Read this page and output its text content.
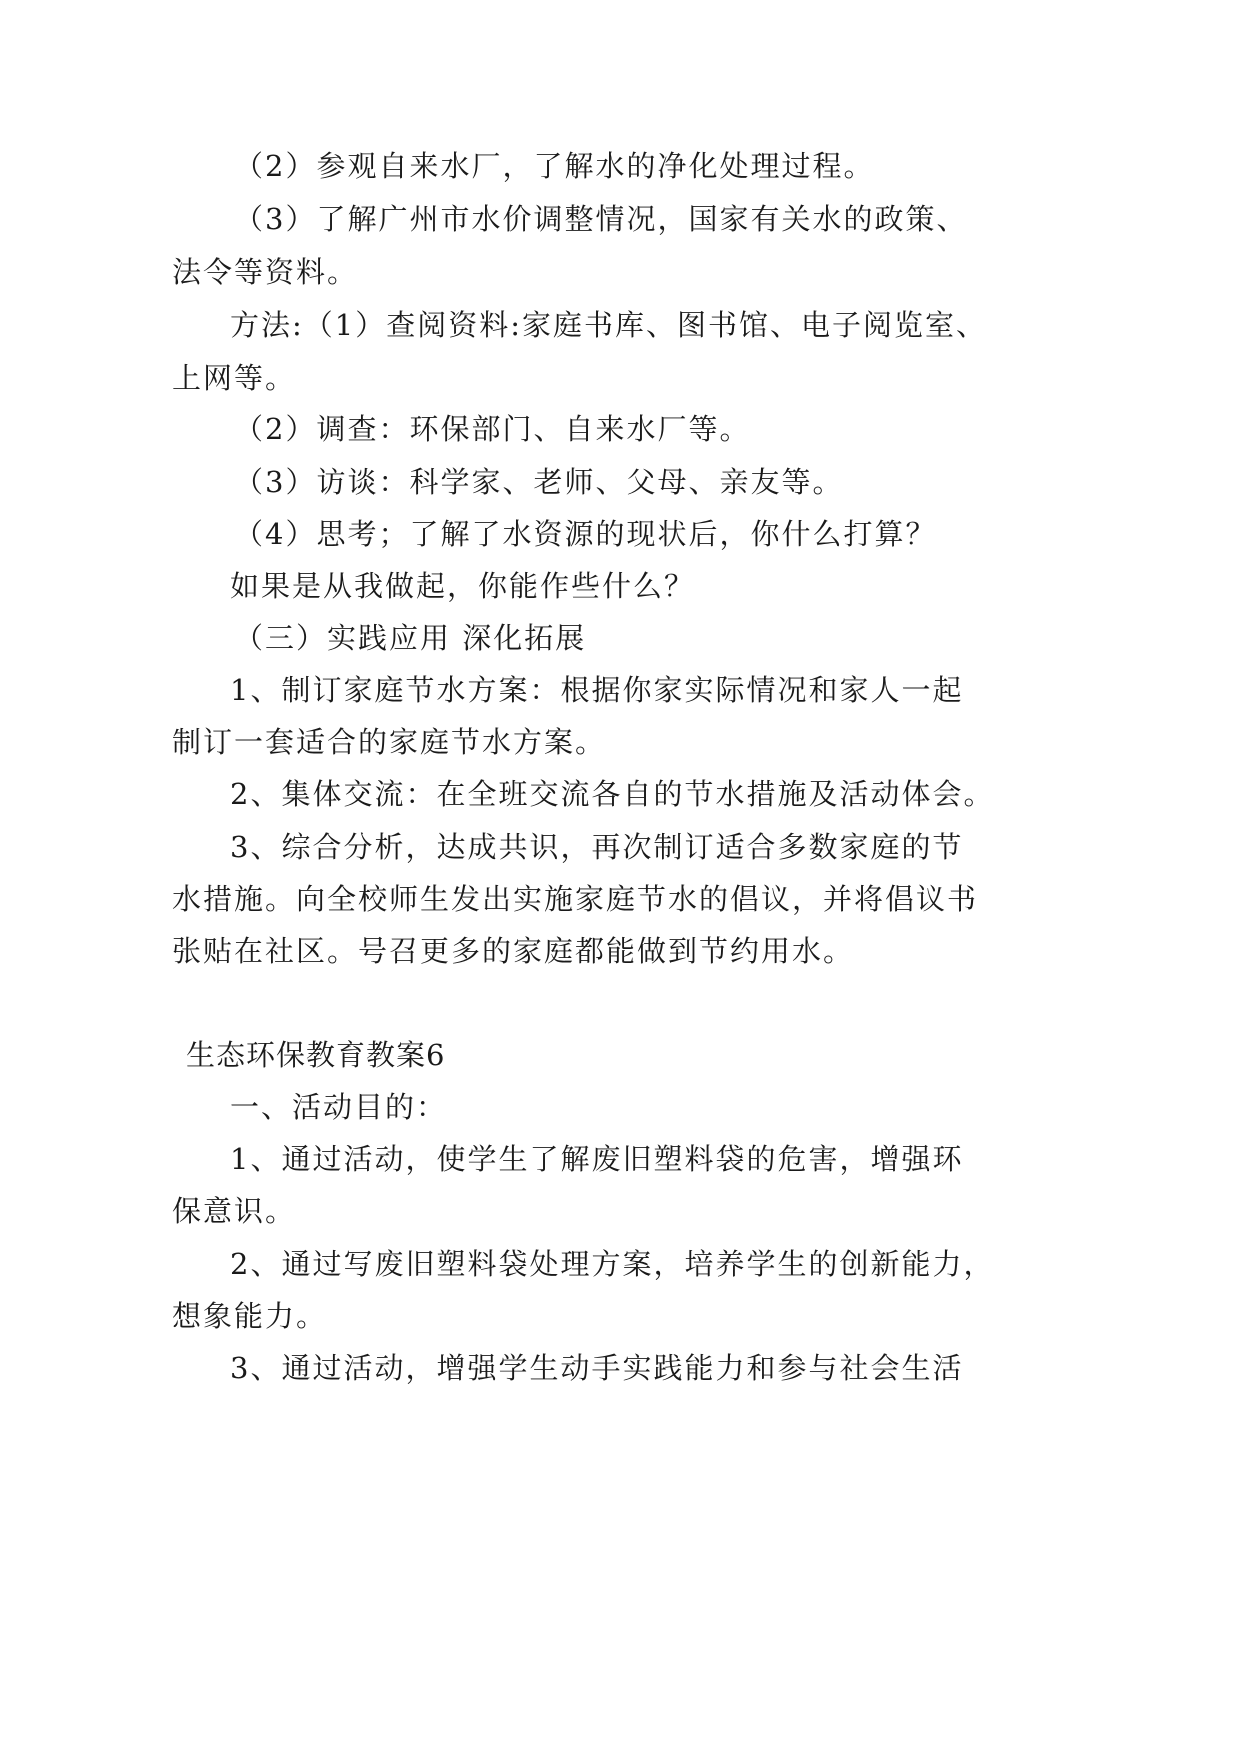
（2）参观自来水厂，了解水的净化处理过程。
（3）了解广州市水价调整情况，国家有关水的政策、
法令等资料。
方法:（1）查阅资料:家庭书库、图书馆、电子阅览室、
上网等。
（2）调查：环保部门、自来水厂等。
（3）访谈：科学家、老师、父母、亲友等。
（4）思考；了解了水资源的现状后，你什么打算？
如果是从我做起，你能作些什么？
（三）实践应用 深化拓展
1、制订家庭节水方案：根据你家实际情况和家人一起
制订一套适合的家庭节水方案。
2、集体交流：在全班交流各自的节水措施及活动体会。
3、综合分析，达成共识，再次制订适合多数家庭的节
水措施。向全校师生发出实施家庭节水的倡议，并将倡议书
张贴在社区。号召更多的家庭都能做到节约用水。
生态环保教育教案6
一、活动目的：
1、通过活动，使学生了解废旧塑料袋的危害，增强环
保意识。
2、通过写废旧塑料袋处理方案，培养学生的创新能力，
想象能力。
3、通过活动，增强学生动手实践能力和参与社会生活
